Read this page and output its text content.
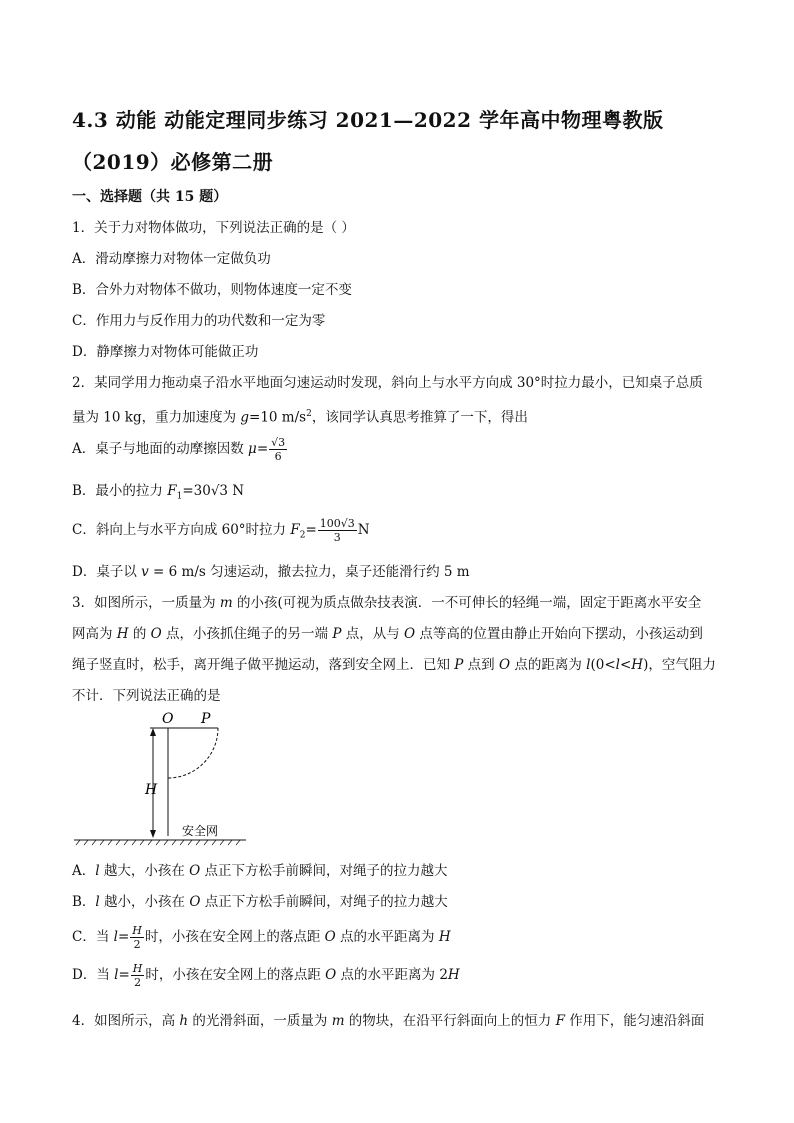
4.3 动能 动能定理同步练习 2021—2022 学年高中物理粤教版
（2019）必修第二册
一、选择题（共 15 题）
1．关于力对物体做功，下列说法正确的是（ ）
A．滑动摩擦力对物体一定做负功
B．合外力对物体不做功，则物体速度一定不变
C．作用力与反作用力的功代数和一定为零
D．静摩擦力对物体可能做正功
2．某同学用力拖动桌子沿水平地面匀速运动时发现，斜向上与水平方向成 30°时拉力最小，已知桌子总质
量为 10 kg，重力加速度为 g=10 $m/s^2$，该同学认真思考推算了一下，得出
A．桌子与地面的动摩擦因数 $\mu= \frac{√3}{6}$
B．最小的拉力 $F_1=30√3$ N
C．斜向上与水平方向成 60°时拉力 $F_2= \frac{100√3}{3}$ N
D．桌子以 v = 6 m/s 匀速运动，撤去拉力，桌子还能滑行约 5 m
3．如图所示，一质量为 m 的小孩(可视为质点做杂技表演．一不可伸长的轻绳一端，固定于距离水平安全
网高为 H 的 O 点，小孩抓住绳子的另一端 P 点，从与 O 点等高的位置由静止开始向下摆动，小孩运动到
绳子竖直时，松手，离开绳子做平抛运动，落到安全网上．已知 P 点到 O 点的距离为 l(0<l<H)，空气阻力
不计．下列说法正确的是
O P
H
安全网
A．l 越大，小孩在 O 点正下方松手前瞬间，对绳子的拉力越大
B．l 越小，小孩在 O 点正下方松手前瞬间，对绳子的拉力越大
C．当 $l= \frac{H}{2}$ 时，小孩在安全网上的落点距 O 点的水平距离为 H
D．当 $l= \frac{H}{2}$ 时，小孩在安全网上的落点距 O 点的水平距离为 2H
4．如图所示，高 h 的光滑斜面，一质量为 m 的物块，在沿平行斜面向上的恒力 F 作用下，能匀速沿斜面
